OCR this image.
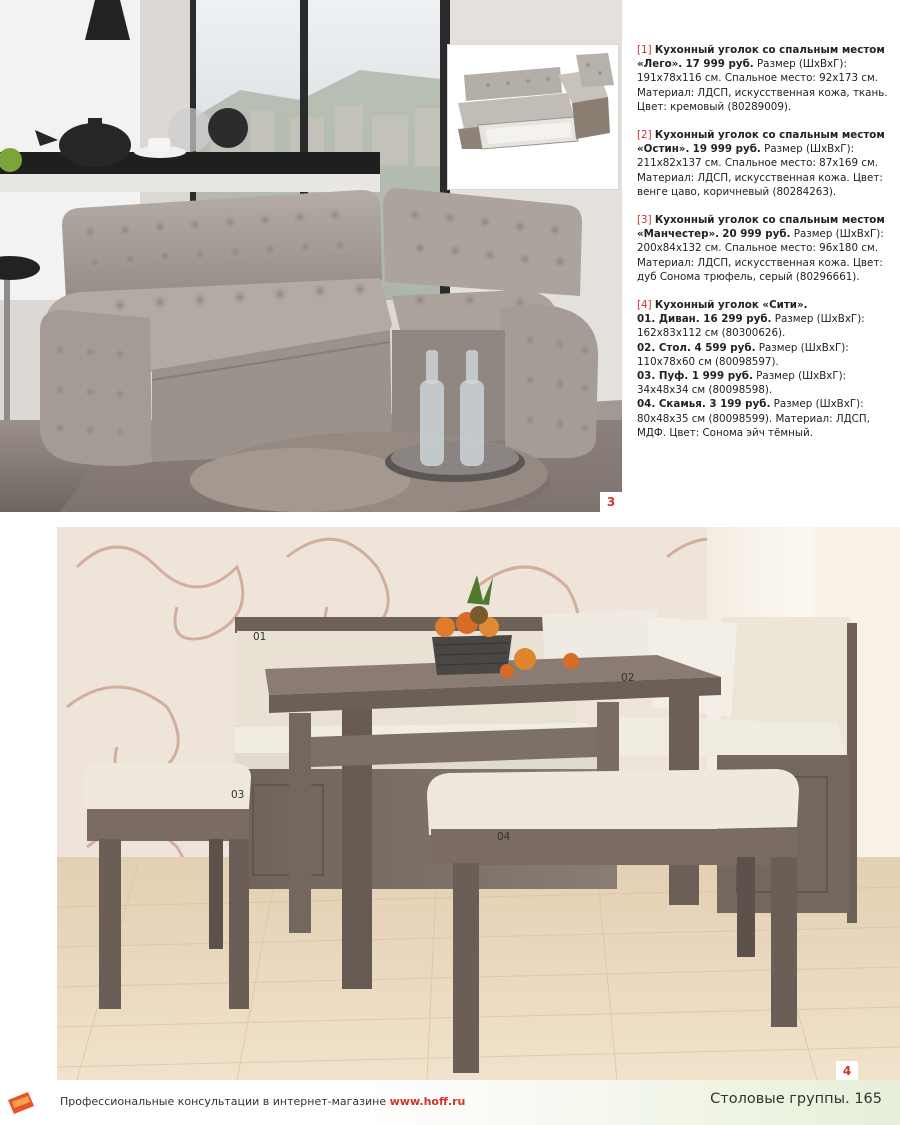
3
[1] Кухонный уголок со спальным местом «Лего». 17 999 руб. Размер (ШхВхГ): 191х78х116 см. Спальное место: 92х173 см. Материал: ЛДСП, искусственная кожа, ткань. Цвет: кремовый (80289009).
[2] Кухонный уголок со спальным местом «Остин». 19 999 руб. Размер (ШхВхГ): 211х82х137 см. Спальное место: 87х169 см. Материал: ЛДСП, искусственная кожа. Цвет: венге цаво, коричневый (80284263).
[3] Кухонный уголок со спальным местом «Манчестер». 20 999 руб. Размер (ШхВхГ): 200х84х132 см. Спальное место: 96х180 см. Материал: ЛДСП, искусственная кожа. Цвет: дуб Сонома трюфель, серый (80296661).
[4] Кухонный уголок «Сити».
01. Диван. 16 299 руб. Размер (ШхВхГ): 162х83х112 см (80300626).
02. Стол. 4 599 руб. Размер (ШхВхГ): 110х78х60 см (80098597).
03. Пуф. 1 999 руб. Размер (ШхВхГ): 34х48х34 см (80098598).
04. Скамья. 3 199 руб. Размер (ШхВхГ): 80х48х35 см (80098599). Материал: ЛДСП, МДФ. Цвет: Сонома эйч тёмный.
01
02
03
04
4
Профессиональные консультации в интернет-магазине www.hoff.ru	Столовые группы. 165
